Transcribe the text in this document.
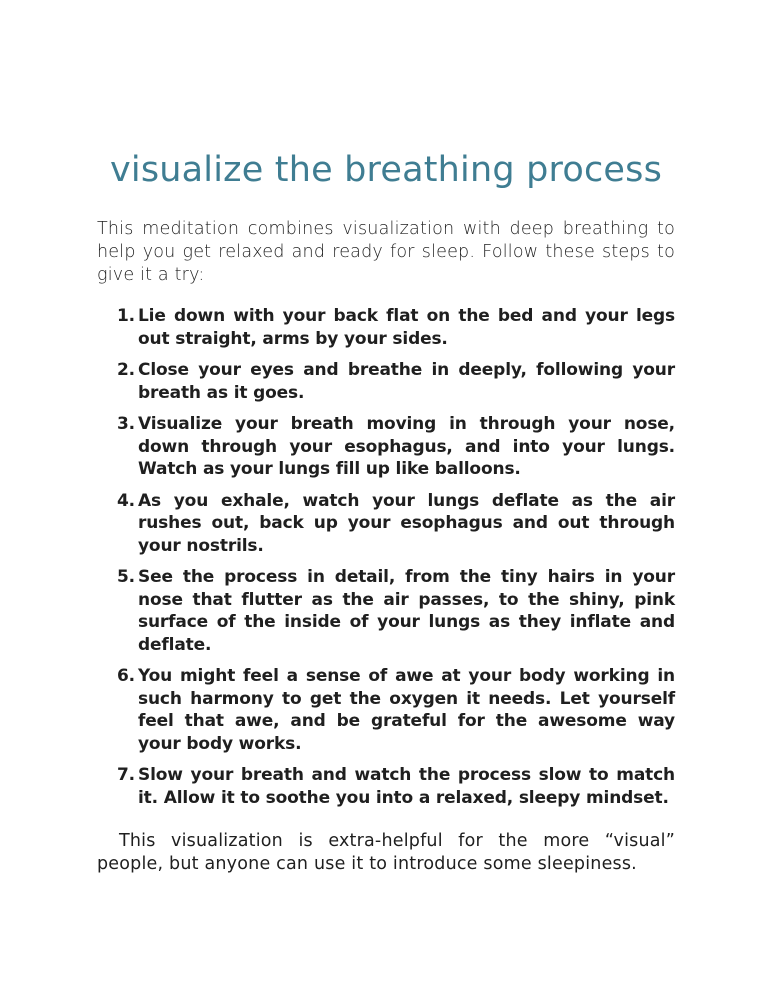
visualize the breathing process

This meditation combines visualization with deep breathing to help you get relaxed and ready for sleep. Follow these steps to give it a try:

1. Lie down with your back flat on the bed and your legs out straight, arms by your sides.
2. Close your eyes and breathe in deeply, following your breath as it goes.
3. Visualize your breath moving in through your nose, down through your esophagus, and into your lungs. Watch as your lungs fill up like balloons.
4. As you exhale, watch your lungs deflate as the air rushes out, back up your esophagus and out through your nostrils.
5. See the process in detail, from the tiny hairs in your nose that flutter as the air passes, to the shiny, pink surface of the inside of your lungs as they inflate and deflate.
6. You might feel a sense of awe at your body working in such harmony to get the oxygen it needs. Let yourself feel that awe, and be grateful for the awesome way your body works.
7. Slow your breath and watch the process slow to match it. Allow it to soothe you into a relaxed, sleepy mindset.

This visualization is extra-helpful for the more “visual” people, but anyone can use it to introduce some sleepiness.
